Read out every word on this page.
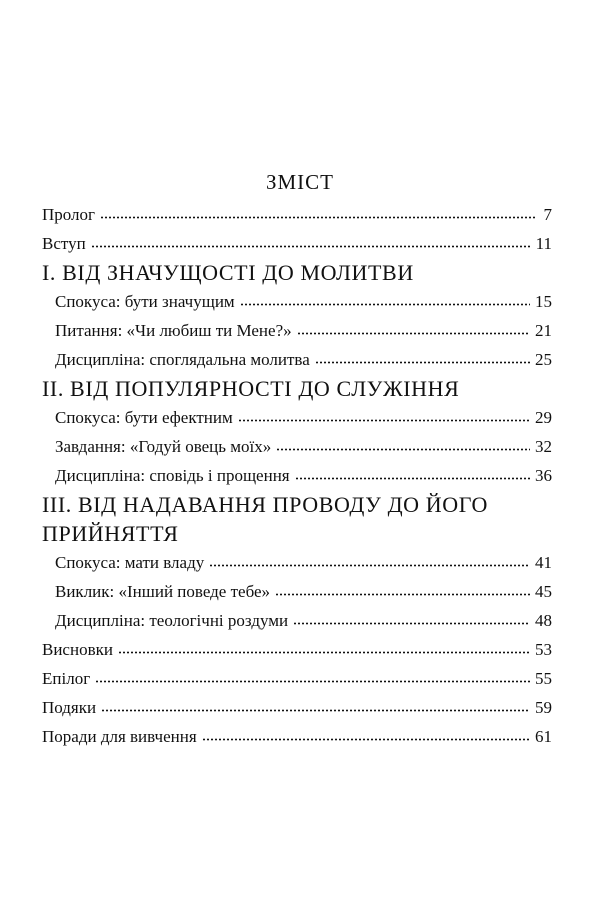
ЗМІСТ
Пролог	7
Вступ	11
I. ВІД ЗНАЧУЩОСТІ ДО МОЛИТВИ
Спокуса: бути значущим	15
Питання: «Чи любиш ти Мене?»	21
Дисципліна: споглядальна молитва	25
II. ВІД ПОПУЛЯРНОСТІ ДО СЛУЖІННЯ
Спокуса: бути ефектним	29
Завдання: «Годуй овець моїх»	32
Дисципліна: сповідь і прощення	36
III. ВІД НАДАВАННЯ ПРОВОДУ ДО ЙОГО ПРИЙНЯТТЯ
Спокуса: мати владу	41
Виклик: «Інший поведе тебе»	45
Дисципліна: теологічні роздуми	48
Висновки	53
Епілог	55
Подяки	59
Поради для вивчення	61
